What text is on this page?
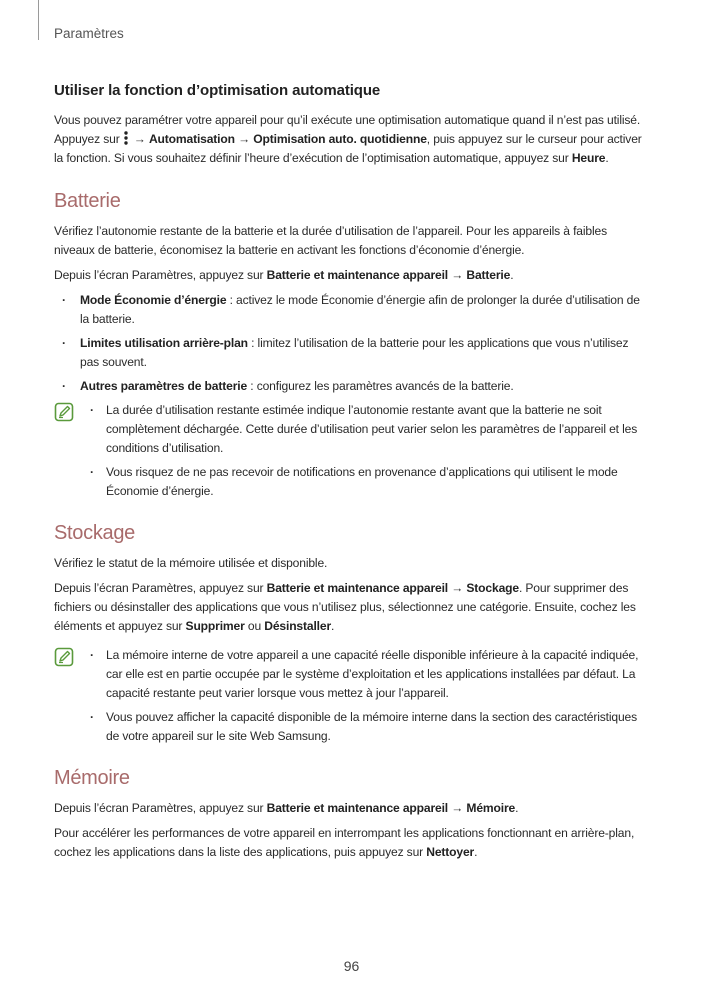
Paramètres
Utiliser la fonction d’optimisation automatique

Vous pouvez paramétrer votre appareil pour qu’il exécute une optimisation automatique quand il n’est pas utilisé. Appuyez sur → Automatisation → Optimisation auto. quotidienne, puis appuyez sur le curseur pour activer la fonction. Si vous souhaitez définir l’heure d’exécution de l’optimisation automatique, appuyez sur Heure.

Batterie

Vérifiez l’autonomie restante de la batterie et la durée d’utilisation de l’appareil. Pour les appareils à faibles niveaux de batterie, économisez la batterie en activant les fonctions d’économie d’énergie.

Depuis l’écran Paramètres, appuyez sur Batterie et maintenance appareil → Batterie.

· Mode Économie d’énergie : activez le mode Économie d’énergie afin de prolonger la durée d’utilisation de la batterie.
· Limites utilisation arrière-plan : limitez l’utilisation de la batterie pour les applications que vous n’utilisez pas souvent.
· Autres paramètres de batterie : configurez les paramètres avancés de la batterie.
· La durée d’utilisation restante estimée indique l’autonomie restante avant que la batterie ne soit complètement déchargée. Cette durée d’utilisation peut varier selon les paramètres de l’appareil et les conditions d’utilisation.
· Vous risquez de ne pas recevoir de notifications en provenance d’applications qui utilisent le mode Économie d’énergie.
Stockage

Vérifiez le statut de la mémoire utilisée et disponible.

Depuis l’écran Paramètres, appuyez sur Batterie et maintenance appareil → Stockage. Pour supprimer des fichiers ou désinstaller des applications que vous n’utilisez plus, sélectionnez une catégorie. Ensuite, cochez les éléments et appuyez sur Supprimer ou Désinstaller.

· La mémoire interne de votre appareil a une capacité réelle disponible inférieure à la capacité indiquée, car elle est en partie occupée par le système d’exploitation et les applications installées par défaut. La capacité restante peut varier lorsque vous mettez à jour l’appareil.
· Vous pouvez afficher la capacité disponible de la mémoire interne dans la section des caractéristiques de votre appareil sur le site Web Samsung.
Mémoire

Depuis l’écran Paramètres, appuyez sur Batterie et maintenance appareil → Mémoire.

Pour accélérer les performances de votre appareil en interrompant les applications fonctionnant en arrière-plan, cochez les applications dans la liste des applications, puis appuyez sur Nettoyer.

96
